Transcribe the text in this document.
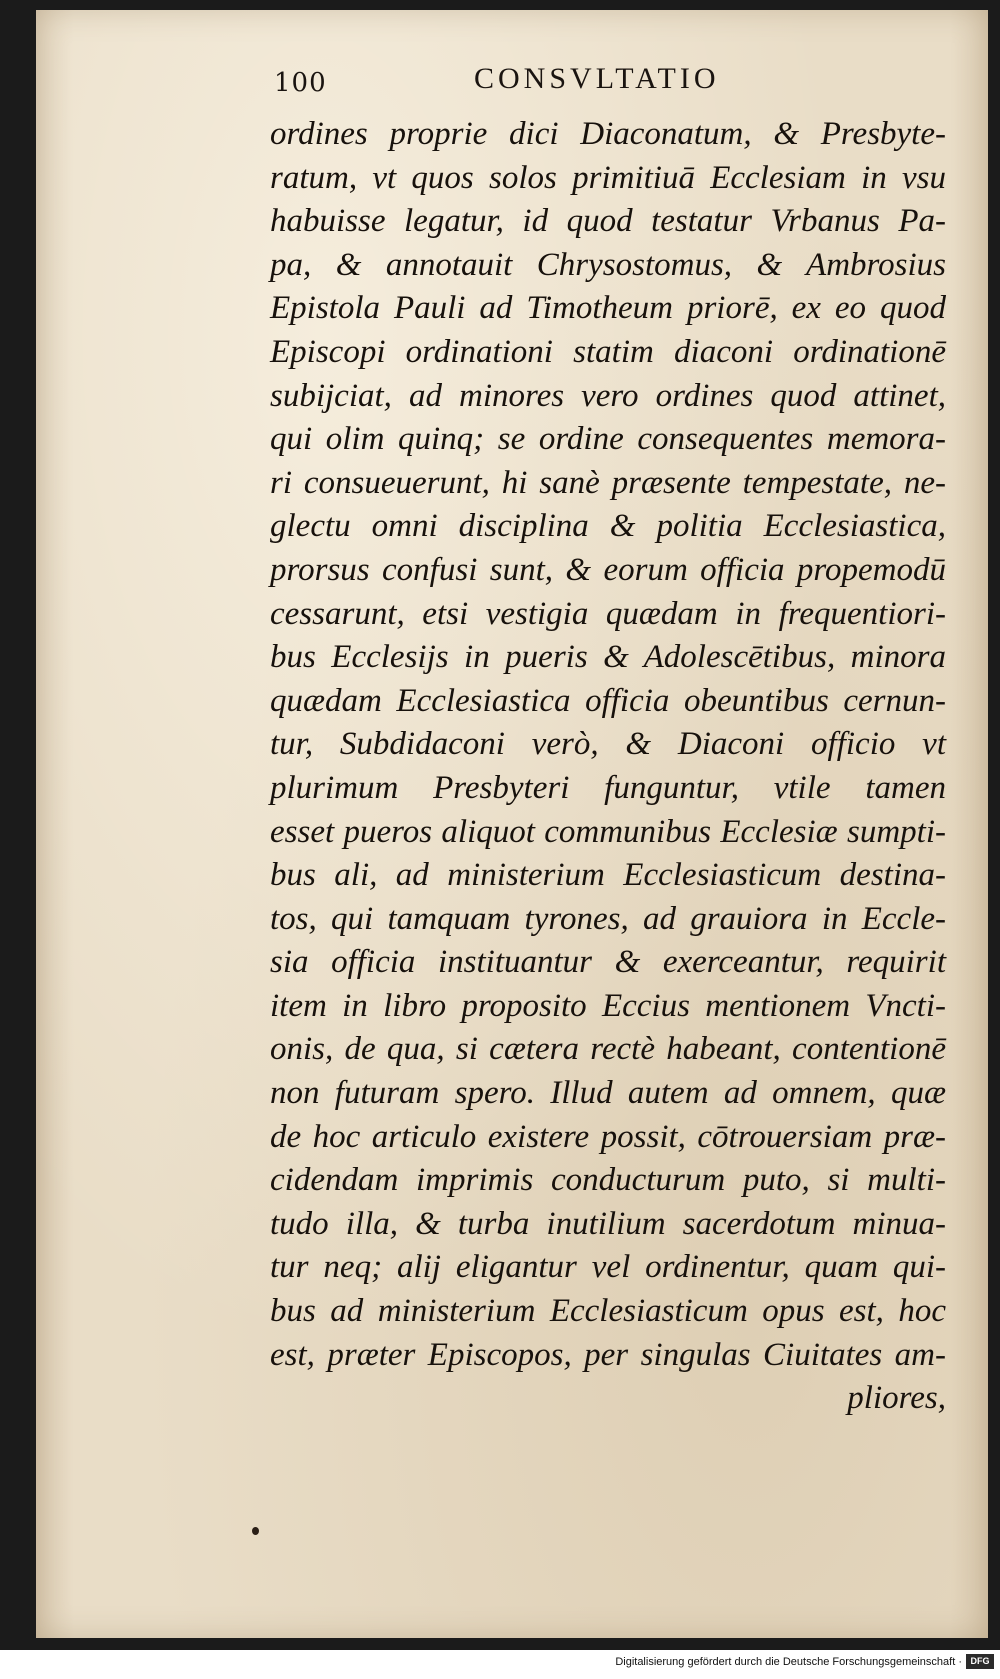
100	CONSVLTATIO
ordines proprie dici Diaconatum, & Presbyte-
ratum, vt quos solos primitiuā Ecclesiam in vsu
habuisse legatur, id quod testatur Vrbanus Pa-
pa, & annotauit Chrysostomus, & Ambrosius
Epistola Pauli ad Timotheum priorē, ex eo quod
Episcopi ordinationi statim diaconi ordinationē
subijciat, ad minores vero ordines quod attinet,
qui olim quinq; se ordine consequentes memora-
ri consueuerunt, hi sanè præsente tempestate, ne-
glectu omni disciplina & politia Ecclesiastica,
prorsus confusi sunt, & eorum officia propemodū
cessarunt, etsi vestigia quædam in frequentiori-
bus Ecclesijs in pueris & Adolescētibus, minora
quædam Ecclesiastica officia obeuntibus cernun-
tur, Subdidaconi verò, & Diaconi officio vt
plurimum Presbyteri funguntur, vtile tamen
esset pueros aliquot communibus Ecclesiæ sumpti-
bus ali, ad ministerium Ecclesiasticum destina-
tos, qui tamquam tyrones, ad grauiora in Eccle-
sia officia instituantur & exerceantur, requirit
item in libro proposito Eccius mentionem Vncti-
onis, de qua, si cætera rectè habeant, contentionē
non futuram spero. Illud autem ad omnem, quæ
de hoc articulo existere possit, cōtrouersiam præ-
cidendam imprimis conducturum puto, si multi-
tudo illa, & turba inutilium sacerdotum minua-
tur neq; alij eligantur vel ordinentur, quam qui-
bus ad ministerium Ecclesiasticum opus est, hoc
est, præter Episcopos, per singulas Ciuitates am-
pliores,
Digitalisierung gefördert durch die Deutsche Forschungsgemeinschaft · DFG
